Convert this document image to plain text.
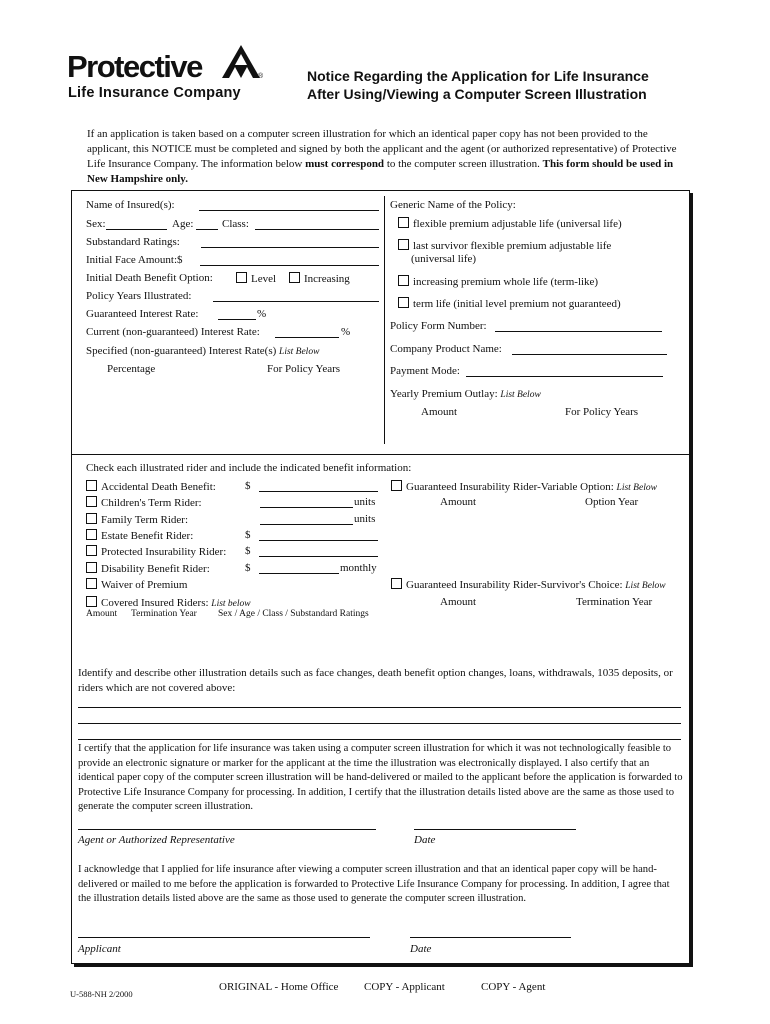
Protective	®
Life Insurance Company
Notice Regarding the Application for Life Insurance
After Using/Viewing a Computer Screen Illustration
If an application is taken based on a computer screen illustration for which an identical paper copy has not been provided to the applicant, this NOTICE must be completed and signed by both the applicant and the agent (or authorized representative) of Protective Life Insurance Company. The information below must correspond to the computer screen illustration. This form should be used in New Hampshire only.
Name of Insured(s):
Sex:	Age:	Class:
Substandard Ratings:
Initial Face Amount:$
Initial Death Benefit Option:	Level	Increasing
Policy Years Illustrated:
Guaranteed Interest Rate:	%
Current (non-guaranteed) Interest Rate:	%
Specified (non-guaranteed) Interest Rate(s) List Below
Percentage	For Policy Years
Generic Name of the Policy:
flexible premium adjustable life (universal life)
last survivor flexible premium adjustable life
(universal life)
increasing premium whole life (term-like)
term life (initial level premium not guaranteed)
Policy Form Number:
Company Product Name:
Payment Mode:
Yearly Premium Outlay: List Below
Amount	For Policy Years
Check each illustrated rider and include the indicated benefit information:
Accidental Death Benefit:	$
Children's Term Rider:	units
Family Term Rider:	units
Estate Benefit Rider:	$
Protected Insurability Rider: $
Disability Benefit Rider:	$	monthly
Waiver of Premium
Covered Insured Riders: List below
Amount Termination Year Sex / Age / Class / Substandard Ratings
Guaranteed Insurability Rider-Variable Option: List Below
Amount	Option Year
Guaranteed Insurability Rider-Survivor's Choice: List Below
Amount	Termination Year
Identify and describe other illustration details such as face changes, death benefit option changes, loans, withdrawals, 1035 deposits, or riders which are not covered above:
I certify that the application for life insurance was taken using a computer screen illustration for which it was not technologically feasible to provide an electronic signature or marker for the applicant at the time the illustration was electronically displayed. I also certify that an identical paper copy of the computer screen illustration will be hand-delivered or mailed to the applicant before the application is forwarded to Protective Life Insurance Company for processing. In addition, I certify that the illustration details listed above are the same as those used to generate the computer screen illustration.
Agent or Authorized Representative	Date
I acknowledge that I applied for life insurance after viewing a computer screen illustration and that an identical paper copy will be hand-delivered or mailed to me before the application is forwarded to Protective Life Insurance Company for processing. In addition, I agree that the illustration details listed above are the same as those used to generate the computer screen illustration.
Applicant	Date
U-588-NH 2/2000
ORIGINAL - Home Office COPY - Applicant	COPY - Agent
